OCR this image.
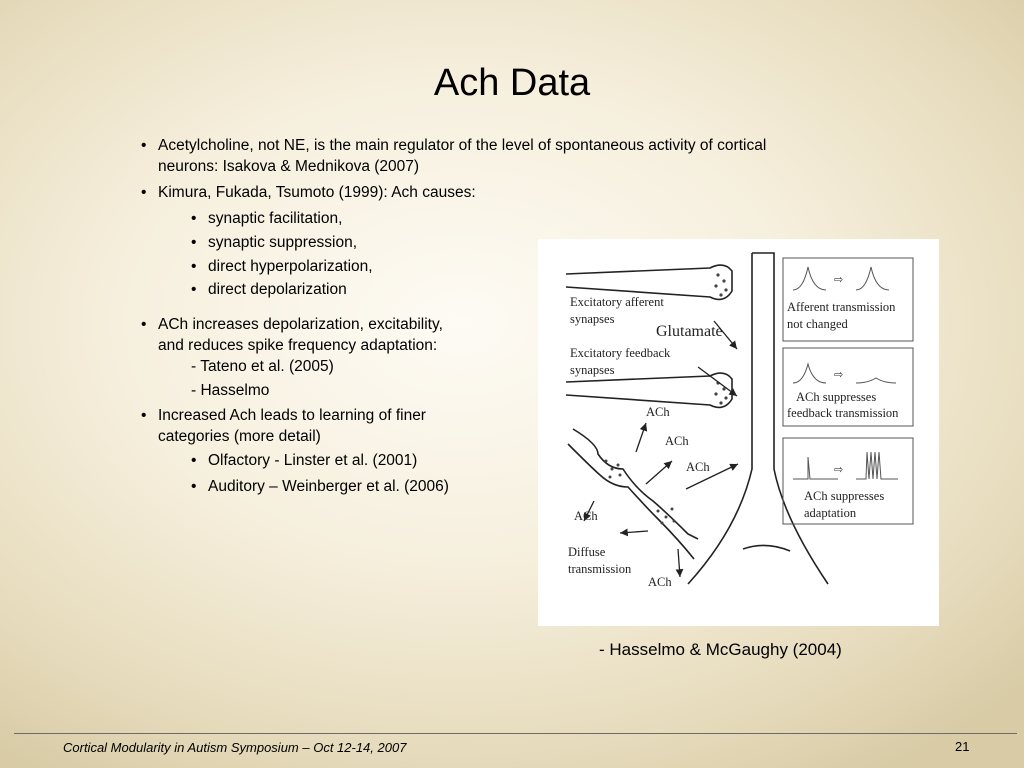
Ach Data
• Acetylcholine, not NE, is the main regulator of the level of spontaneous activity of cortical
neurons: Isakova & Mednikova (2007)
• Kimura, Fukada, Tsumoto (1999): Ach causes:
• synaptic facilitation,
• synaptic suppression,
• direct hyperpolarization,
• direct depolarization
• ACh increases depolarization, excitability,
and reduces spike frequency adaptation:
- Tateno et al. (2005)
- Hasselmo
• Increased Ach leads to learning of finer
categories (more detail)
• Olfactory - Linster et al. (2001)
• Auditory – Weinberger et al. (2006)
⇨
⇨
⇨
Excitatory afferent
synapses
Glutamate
Excitatory feedback
synapses
ACh
ACh
ACh
ACh
Diffuse
transmission
ACh
Afferent transmission
not changed
ACh suppresses
feedback transmission
ACh suppresses
adaptation
- Hasselmo & McGaughy (2004)
Cortical Modularity in Autism Symposium – Oct 12-14, 2007	21
